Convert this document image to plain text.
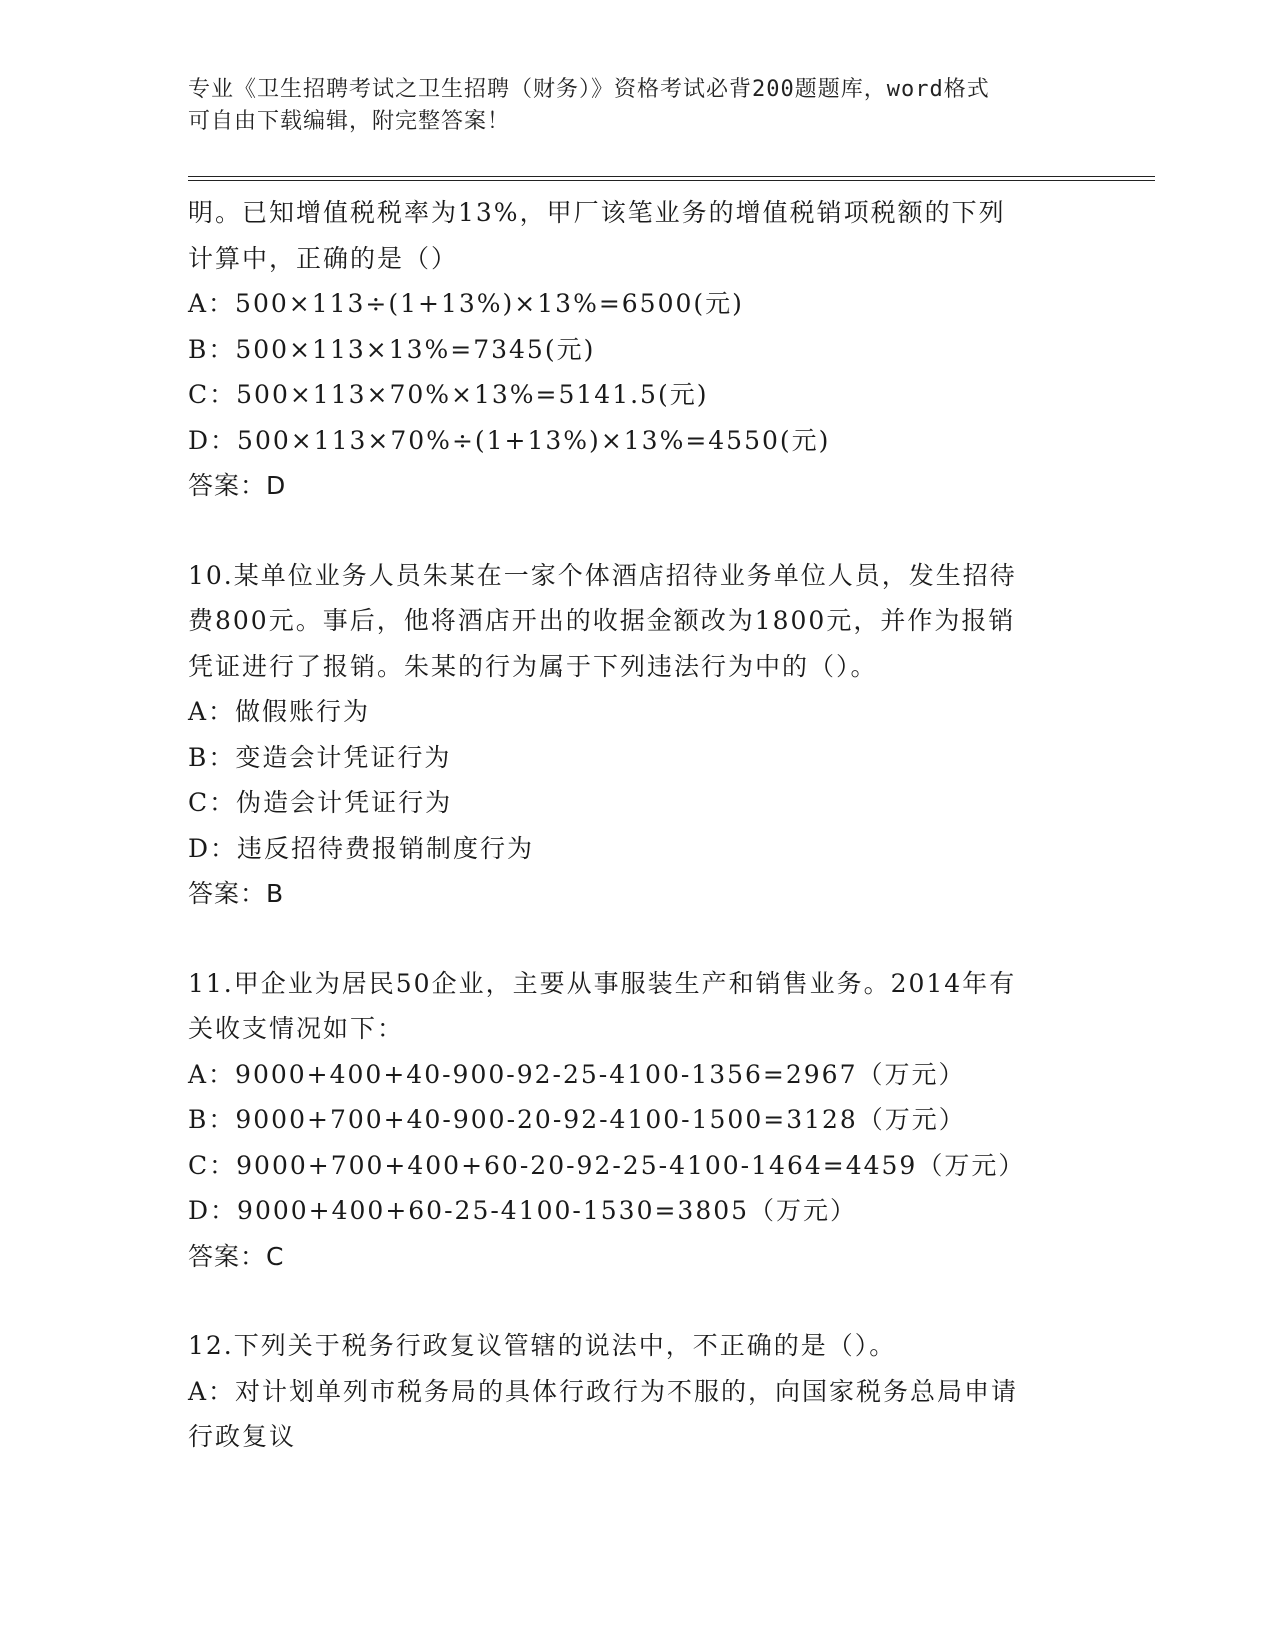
专业《卫生招聘考试之卫生招聘（财务）》资格考试必背200题题库，word格式
可自由下载编辑，附完整答案！
明。已知增值税税率为13%，甲厂该笔业务的增值税销项税额的下列
计算中，正确的是（）
A：500×113÷(1+13%)×13%=6500(元)
B：500×113×13%=7345(元)
C：500×113×70%×13%=5141.5(元)
D：500×113×70%÷(1+13%)×13%=4550(元)
答案：D
10.某单位业务人员朱某在一家个体酒店招待业务单位人员，发生招待
费800元。事后，他将酒店开出的收据金额改为1800元，并作为报销
凭证进行了报销。朱某的行为属于下列违法行为中的（）。
A：做假账行为
B：变造会计凭证行为
C：伪造会计凭证行为
D：违反招待费报销制度行为
答案：B
11.甲企业为居民50企业，主要从事服装生产和销售业务。2014年有
关收支情况如下：
A：9000+400+40-900-92-25-4100-1356=2967（万元）
B：9000+700+40-900-20-92-4100-1500=3128（万元）
C：9000+700+400+60-20-92-25-4100-1464=4459（万元）
D：9000+400+60-25-4100-1530=3805（万元）
答案：C
12.下列关于税务行政复议管辖的说法中，不正确的是（）。
A：对计划单列市税务局的具体行政行为不服的，向国家税务总局申请
行政复议
